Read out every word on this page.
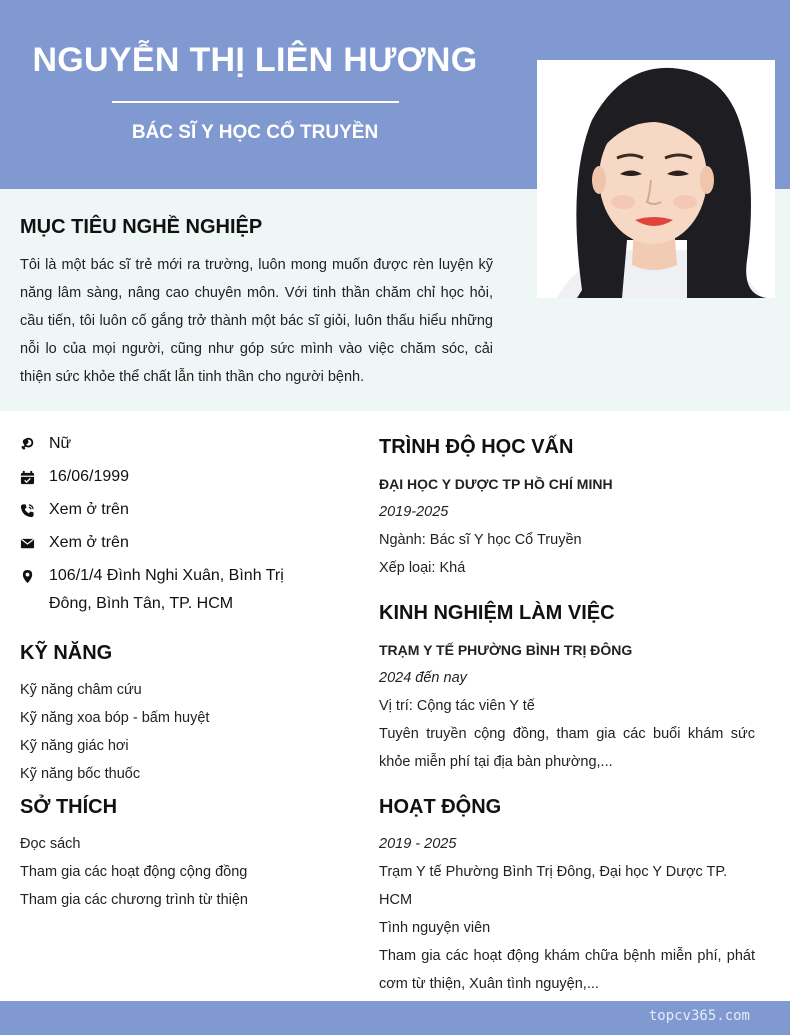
NGUYỄN THỊ LIÊN HƯƠNG
BÁC SĨ Y HỌC CỔ TRUYỀN
MỤC TIÊU NGHỀ NGHIỆP
Tôi là một bác sĩ trẻ mới ra trường, luôn mong muốn được rèn luyện kỹ năng lâm sàng, nâng cao chuyên môn. Với tinh thần chăm chỉ học hỏi, cầu tiến, tôi luôn cố gắng trở thành một bác sĩ giỏi, luôn thấu hiểu những nỗi lo của mọi người, cũng như góp sức mình vào việc chăm sóc, cải thiện sức khỏe thể chất lẫn tinh thần cho người bệnh.
Nữ
16/06/1999
Xem ở trên
Xem ở trên
106/1/4 Đình Nghi Xuân, Bình Trị Đông, Bình Tân, TP. HCM
KỸ NĂNG
Kỹ năng châm cứu
Kỹ năng xoa bóp - bấm huyệt
Kỹ năng giác hơi
Kỹ năng bốc thuốc
SỞ THÍCH
Đọc sách
Tham gia các hoạt động cộng đồng
Tham gia các chương trình từ thiện
TRÌNH ĐỘ HỌC VẤN
ĐẠI HỌC Y DƯỢC TP HỒ CHÍ MINH
2019-2025
Ngành: Bác sĩ Y học Cổ Truyền
Xếp loại: Khá
KINH NGHIỆM LÀM VIỆC
TRẠM Y TẾ PHƯỜNG BÌNH TRỊ ĐÔNG
2024 đến nay
Vị trí: Cộng tác viên Y tế
Tuyên truyền cộng đồng, tham gia các buổi khám sức khỏe miễn phí tại địa bàn phường,...
HOẠT ĐỘNG
2019 - 2025
Trạm Y tế Phường Bình Trị Đông, Đại học Y Dược TP. HCM
Tình nguyện viên
Tham gia các hoạt động khám chữa bệnh miễn phí, phát cơm từ thiện, Xuân tình nguyện,...
topcv365.com
